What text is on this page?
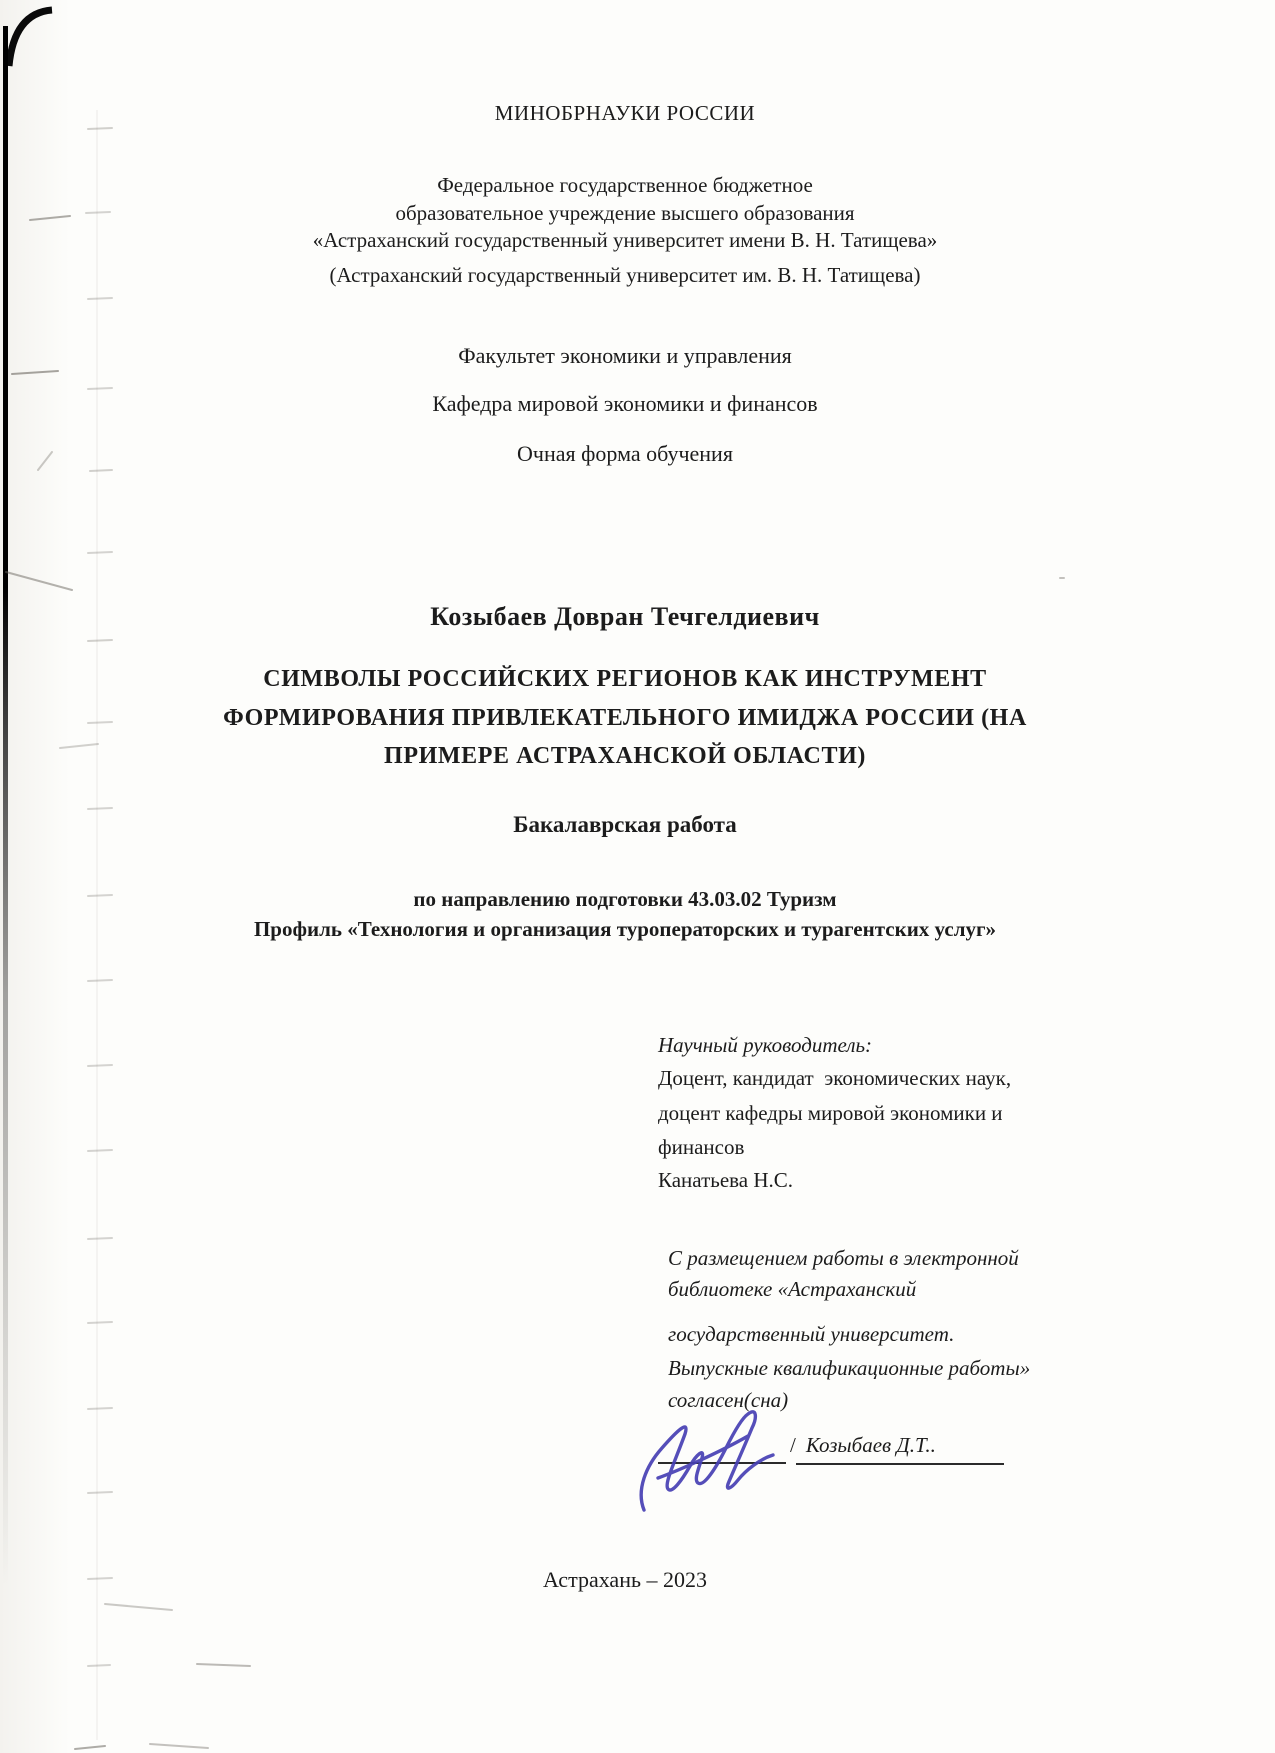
МИНОБРНАУКИ РОССИИ
Федеральное государственное бюджетное
образовательное учреждение высшего образования
«Астраханский государственный университет имени В. Н. Татищева»
(Астраханский государственный университет им. В. Н. Татищева)
Факультет экономики и управления
Кафедра мировой экономики и финансов
Очная форма обучения
Козыбаев Довран Течгелдиевич
СИМВОЛЫ РОССИЙСКИХ РЕГИОНОВ КАК ИНСТРУМЕНТ
ФОРМИРОВАНИЯ ПРИВЛЕКАТЕЛЬНОГО ИМИДЖА РОССИИ (НА
ПРИМЕРЕ АСТРАХАНСКОЙ ОБЛАСТИ)
Бакалаврская работа
по направлению подготовки 43.03.02 Туризм
Профиль «Технология и организация туроператорских и турагентских услуг»
Научный руководитель:
Доцент, кандидат  экономических наук,
доцент кафедры мировой экономики и
финансов
Канатьева Н.С.
С размещением работы в электронной
библиотеке «Астраханский
государственный университет.
Выпускные квалификационные работы»
согласен(сна)
/ Козыбаев Д.Т..
Астрахань – 2023
